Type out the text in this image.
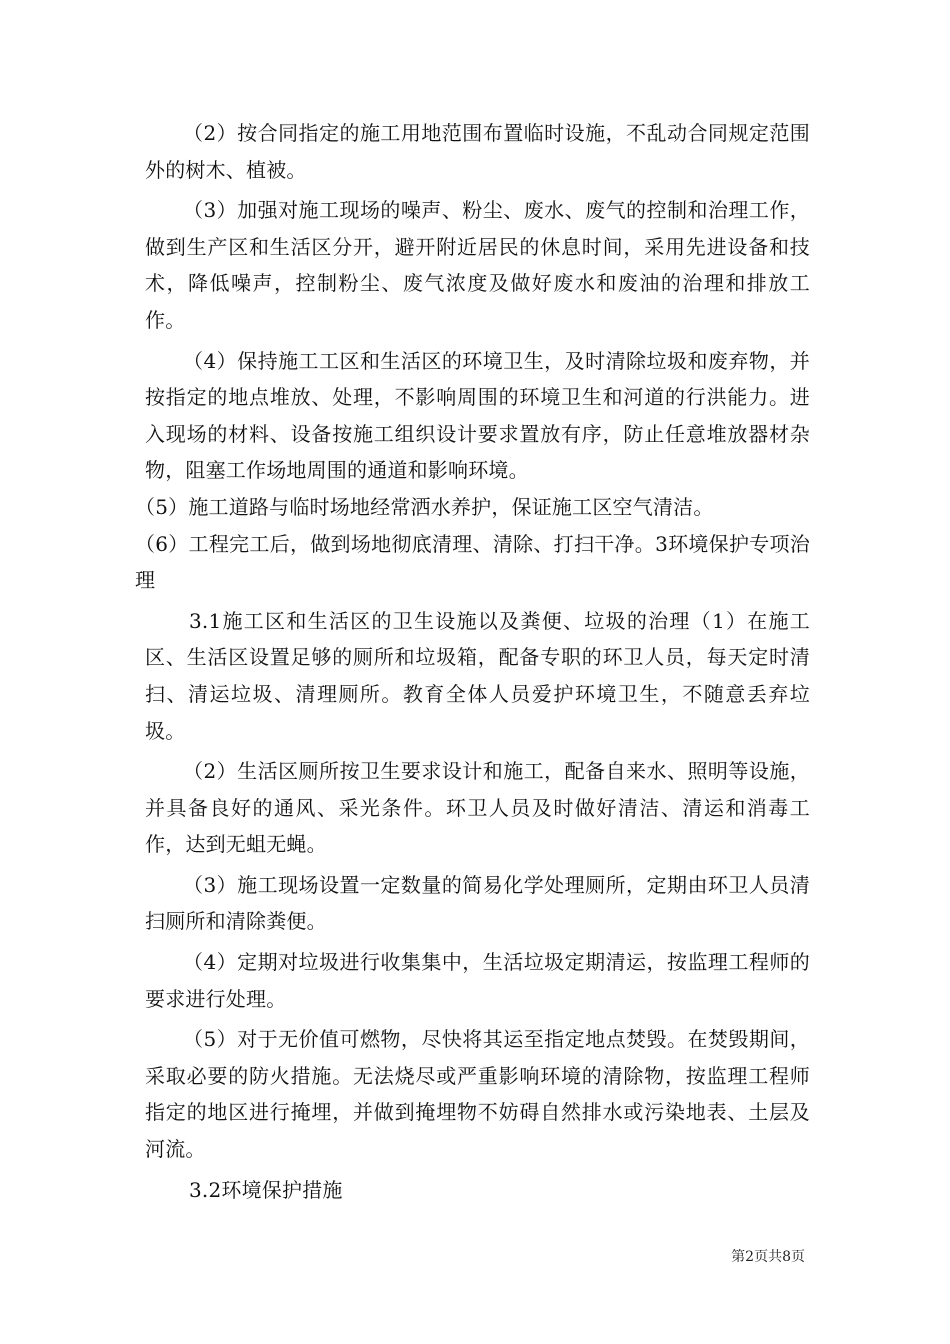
（2）按合同指定的施工用地范围布置临时设施，不乱动合同规定范围外的树木、植被。

（3）加强对施工现场的噪声、粉尘、废水、废气的控制和治理工作，做到生产区和生活区分开，避开附近居民的休息时间，采用先进设备和技术，降低噪声，控制粉尘、废气浓度及做好废水和废油的治理和排放工作。

（4）保持施工工区和生活区的环境卫生，及时清除垃圾和废弃物，并按指定的地点堆放、处理，不影响周围的环境卫生和河道的行洪能力。进入现场的材料、设备按施工组织设计要求置放有序，防止任意堆放器材杂物，阻塞工作场地周围的通道和影响环境。

（5）施工道路与临时场地经常洒水养护，保证施工区空气清洁。

（6）工程完工后，做到场地彻底清理、清除、打扫干净。3环境保护专项治理

3.1施工区和生活区的卫生设施以及粪便、垃圾的治理（1）在施工区、生活区设置足够的厕所和垃圾箱，配备专职的环卫人员，每天定时清扫、清运垃圾、清理厕所。教育全体人员爱护环境卫生，不随意丢弃垃圾。

（2）生活区厕所按卫生要求设计和施工，配备自来水、照明等设施，并具备良好的通风、采光条件。环卫人员及时做好清洁、清运和消毒工作，达到无蛆无蝇。

（3）施工现场设置一定数量的简易化学处理厕所，定期由环卫人员清扫厕所和清除粪便。

（4）定期对垃圾进行收集集中，生活垃圾定期清运，按监理工程师的要求进行处理。

（5）对于无价值可燃物，尽快将其运至指定地点焚毁。在焚毁期间，采取必要的防火措施。无法烧尽或严重影响环境的清除物，按监理工程师指定的地区进行掩埋，并做到掩埋物不妨碍自然排水或污染地表、土层及河流。

3.2环境保护措施

第2页共8页
